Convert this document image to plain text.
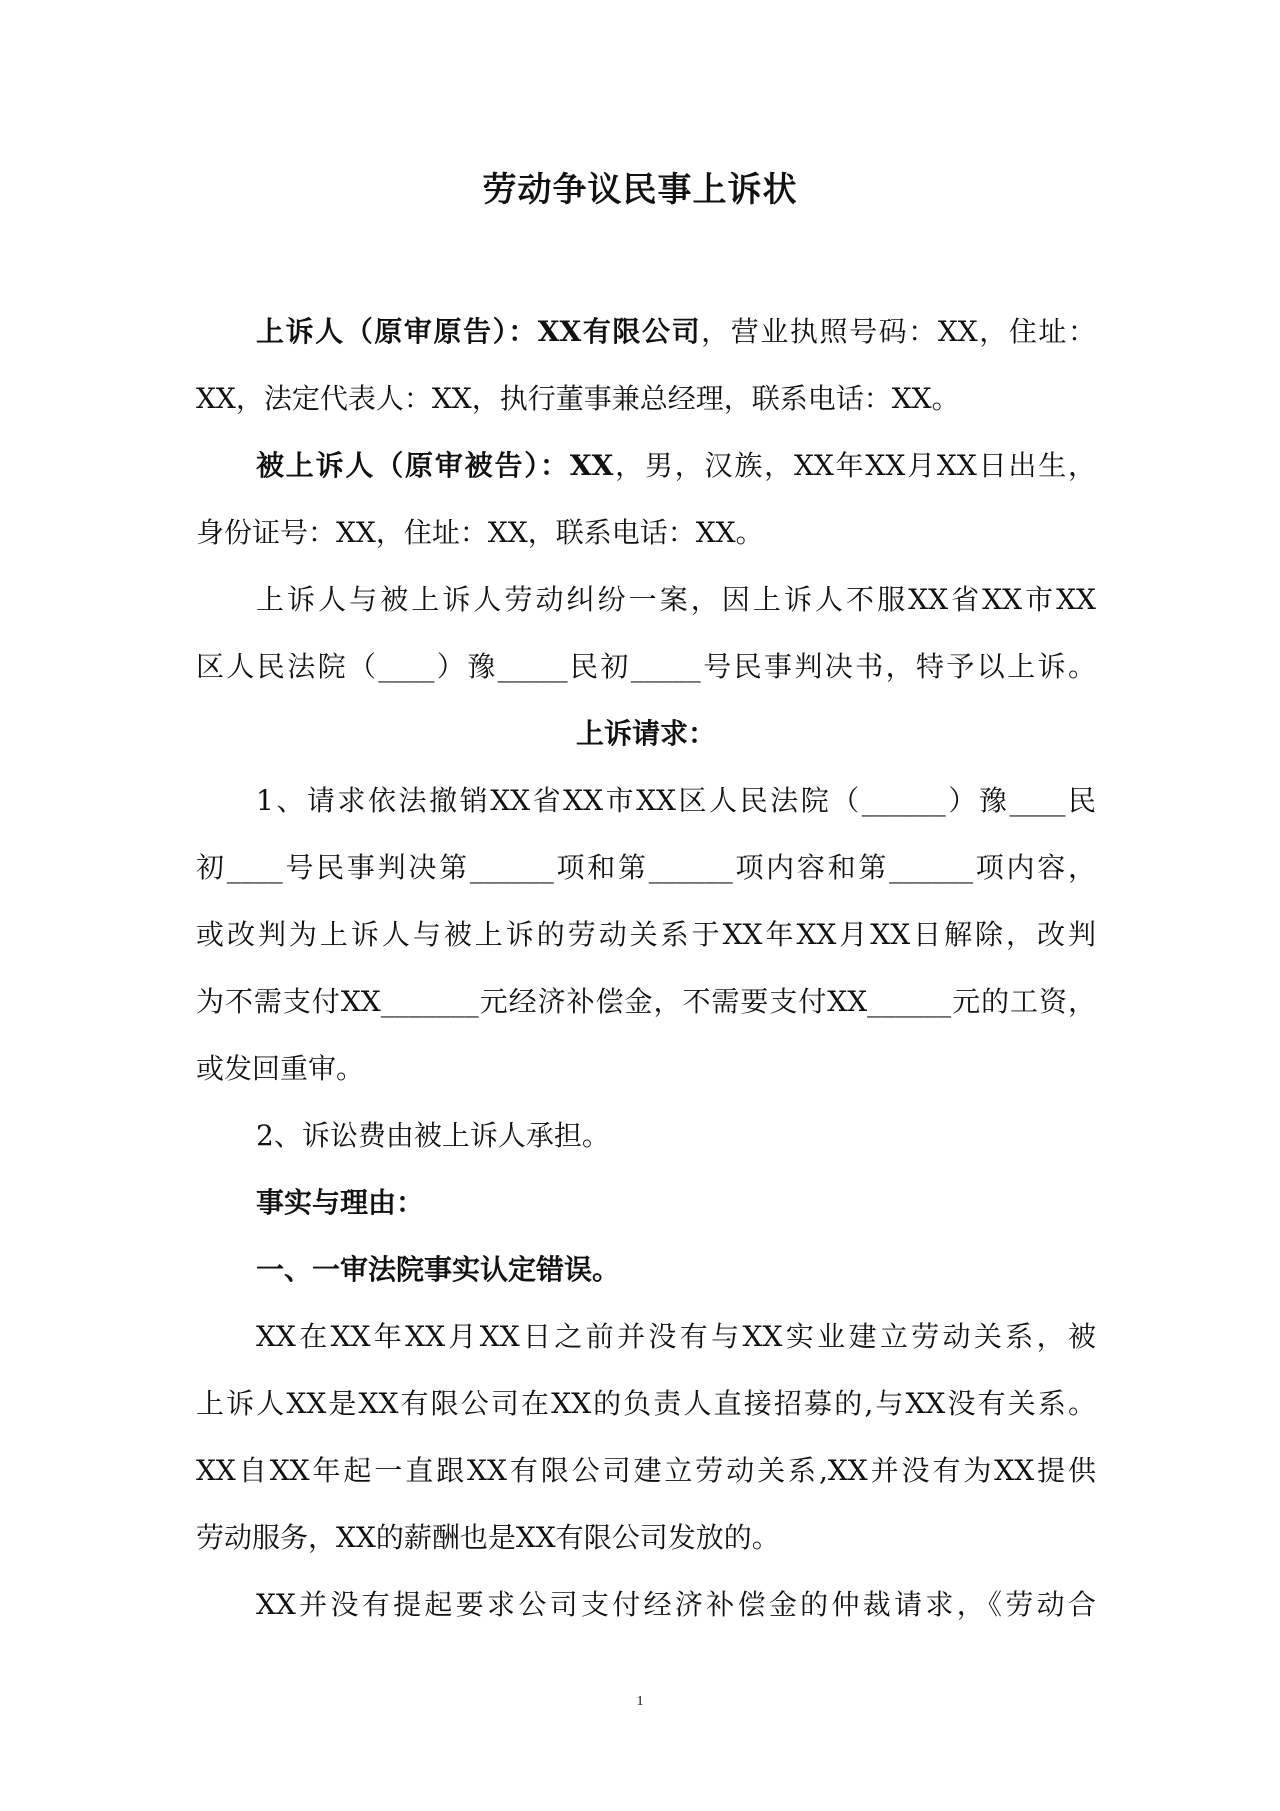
劳动争议民事上诉状
上诉人（原审原告）：XX有限公司，营业执照号码：XX，住址：
XX，法定代表人：XX，执行董事兼总经理，联系电话：XX。
被上诉人（原审被告）：XX，男，汉族，XX年XX月XX日出生，
身份证号：XX，住址：XX，联系电话：XX。
上诉人与被上诉人劳动纠纷一案，因上诉人不服XX省XX市XX
区人民法院（____）豫_____民初_____号民事判决书，特予以上诉。
上诉请求：
1、请求依法撤销XX省XX市XX区人民法院（______）豫____民
初____号民事判决第______项和第______项内容和第______项内容，
或改判为上诉人与被上诉的劳动关系于XX年XX月XX日解除，改判
为不需支付XX_______元经济补偿金，不需要支付XX______元的工资，
或发回重审。
2、诉讼费由被上诉人承担。
事实与理由：
一、一审法院事实认定错误。
XX在XX年XX月XX日之前并没有与XX实业建立劳动关系，被
上诉人XX是XX有限公司在XX的负责人直接招募的,与XX没有关系。
XX自XX年起一直跟XX有限公司建立劳动关系,XX并没有为XX提供
劳动服务，XX的薪酬也是XX有限公司发放的。
XX并没有提起要求公司支付经济补偿金的仲裁请求，《劳动合
1
